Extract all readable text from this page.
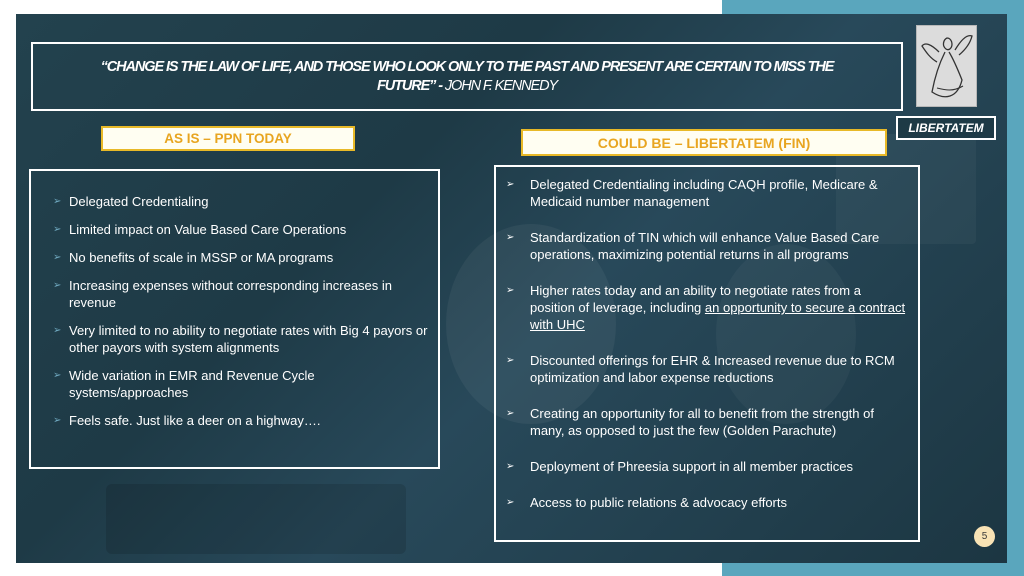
“CHANGE IS THE LAW OF LIFE, AND THOSE WHO LOOK ONLY TO THE PAST AND PRESENT ARE CERTAIN TO MISS THE
FUTURE” - JOHN F. KENNEDY
LIBERTATEM
AS IS – PPN TODAY	COULD BE – LIBERTATEM (FIN)
➢ Delegated Credentialing
➢ Limited impact on Value Based Care Operations
➢ No benefits of scale in MSSP or MA programs
➢ Increasing expenses without corresponding increases in revenue
➢ Very limited to no ability to negotiate rates with Big 4 payors or other payors with system alignments
➢ Wide variation in EMR and Revenue Cycle systems/approaches
➢ Feels safe. Just like a deer on a highway….
➢	Delegated Credentialing including CAQH profile, Medicare & Medicaid number management
➢	Standardization of TIN which will enhance Value Based Care operations, maximizing potential returns in all programs
➢	Higher rates today and an ability to negotiate rates from a position of leverage, including an opportunity to secure a contract with UHC
➢	Discounted offerings for EHR & Increased revenue due to RCM optimization and labor expense reductions
➢	Creating an opportunity for all to benefit from the strength of many, as opposed to just the few (Golden Parachute)
➢	Deployment of Phreesia support in all member practices
➢	Access to public relations & advocacy efforts
5
